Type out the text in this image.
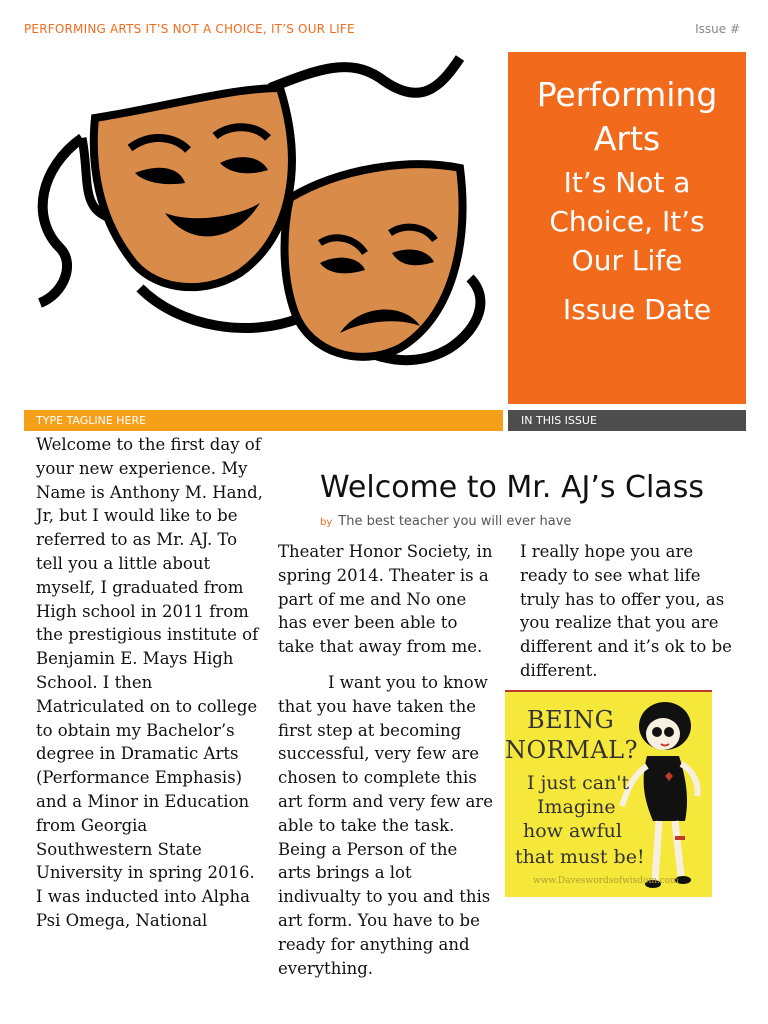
PERFORMING ARTS IT’S NOT A CHOICE, IT’S OUR LIFE	Issue #
Performing
Arts
It’s Not a
Choice, It’s
Our Life
Issue Date
TYPE TAGLINE HERE	IN THIS ISSUE
Welcome to the first day of your new experience. My Name is Anthony M. Hand, Jr, but I would like to be referred to as Mr. AJ. To tell you a little about myself, I graduated from High school in 2011 from the prestigious institute of Benjamin E. Mays High School. I then Matriculated on to college to obtain my Bachelor’s degree in Dramatic Arts (Performance Emphasis) and a Minor in Education from Georgia Southwestern State University in spring 2016. I was inducted into Alpha Psi Omega, National
Welcome to Mr. AJ’s Class
by The best teacher you will ever have

Theater Honor Society, in spring 2014. Theater is a part of me and No one has ever been able to take that away from me.

I want you to know that you have taken the first step at becoming successful, very few are chosen to complete this art form and very few are able to take the task. Being a Person of the arts brings a lot indivualty to you and this art form. You have to be ready for anything and everything.

I really hope you are ready to see what life truly has to offer you, as you realize that you are different and it’s ok to be different.
BEING
NORMAL?
I just can't
Imagine
how awful
that must be!
www.Daveswordsofwisdom.com
